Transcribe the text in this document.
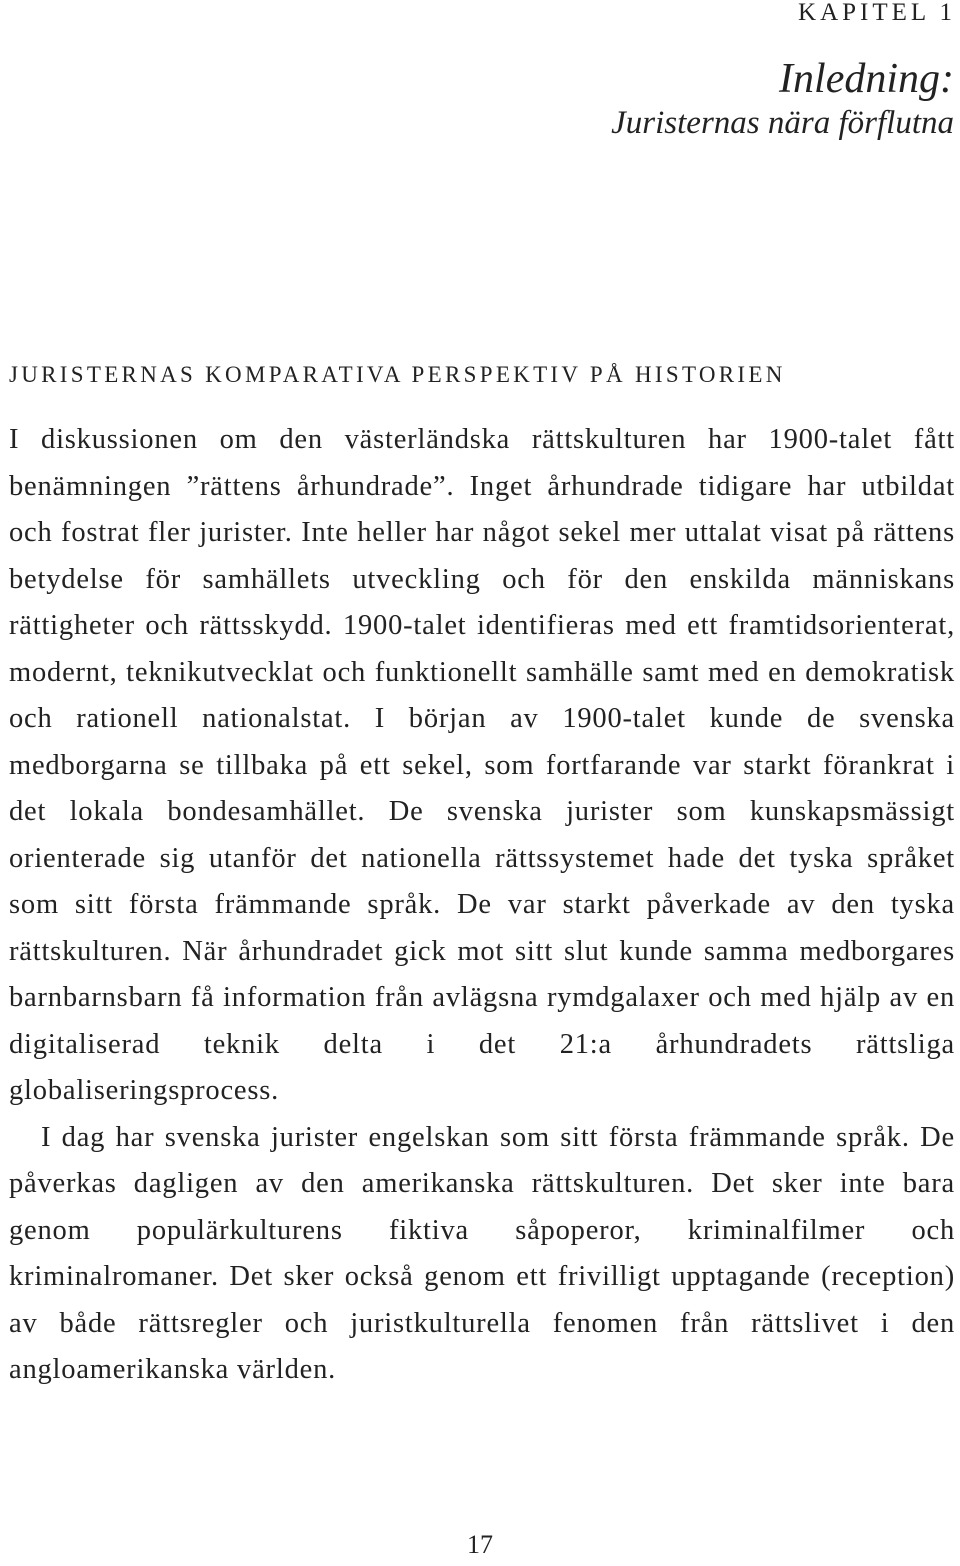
KAPITEL 1
Inledning:
Juristernas nära förflutna
JURISTERNAS KOMPARATIVA PERSPEKTIV PÅ HISTORIEN

I diskussionen om den västerländska rättskulturen har 1900-talet fått benämningen ”rättens århundrade”. Inget århundrade tidigare har utbildat och fostrat fler jurister. Inte heller har något sekel mer uttalat visat på rättens betydelse för samhällets utveckling och för den enskilda människans rättigheter och rättsskydd. 1900-talet identifieras med ett framtidsorienterat, modernt, teknikutvecklat och funktionellt samhälle samt med en demokratisk och rationell nationalstat. I början av 1900-talet kunde de svenska medborgarna se tillbaka på ett sekel, som fortfarande var starkt förankrat i det lokala bondesamhället. De svenska jurister som kunskapsmässigt orienterade sig utanför det nationella rättssystemet hade det tyska språket som sitt första främmande språk. De var starkt påverkade av den tyska rättskulturen. När århundradet gick mot sitt slut kunde samma medborgares barnbarnsbarn få information från avlägsna rymdgalaxer och med hjälp av en digitaliserad teknik delta i det 21:a århundradets rättsliga globaliseringsprocess.

I dag har svenska jurister engelskan som sitt första främmande språk. De påverkas dagligen av den amerikanska rättskulturen. Det sker inte bara genom populärkulturens fiktiva såpoperor, kriminalfilmer och kriminalromaner. Det sker också genom ett frivilligt upptagande (reception) av både rättsregler och juristkulturella fenomen från rättslivet i den angloamerikanska världen.

17
